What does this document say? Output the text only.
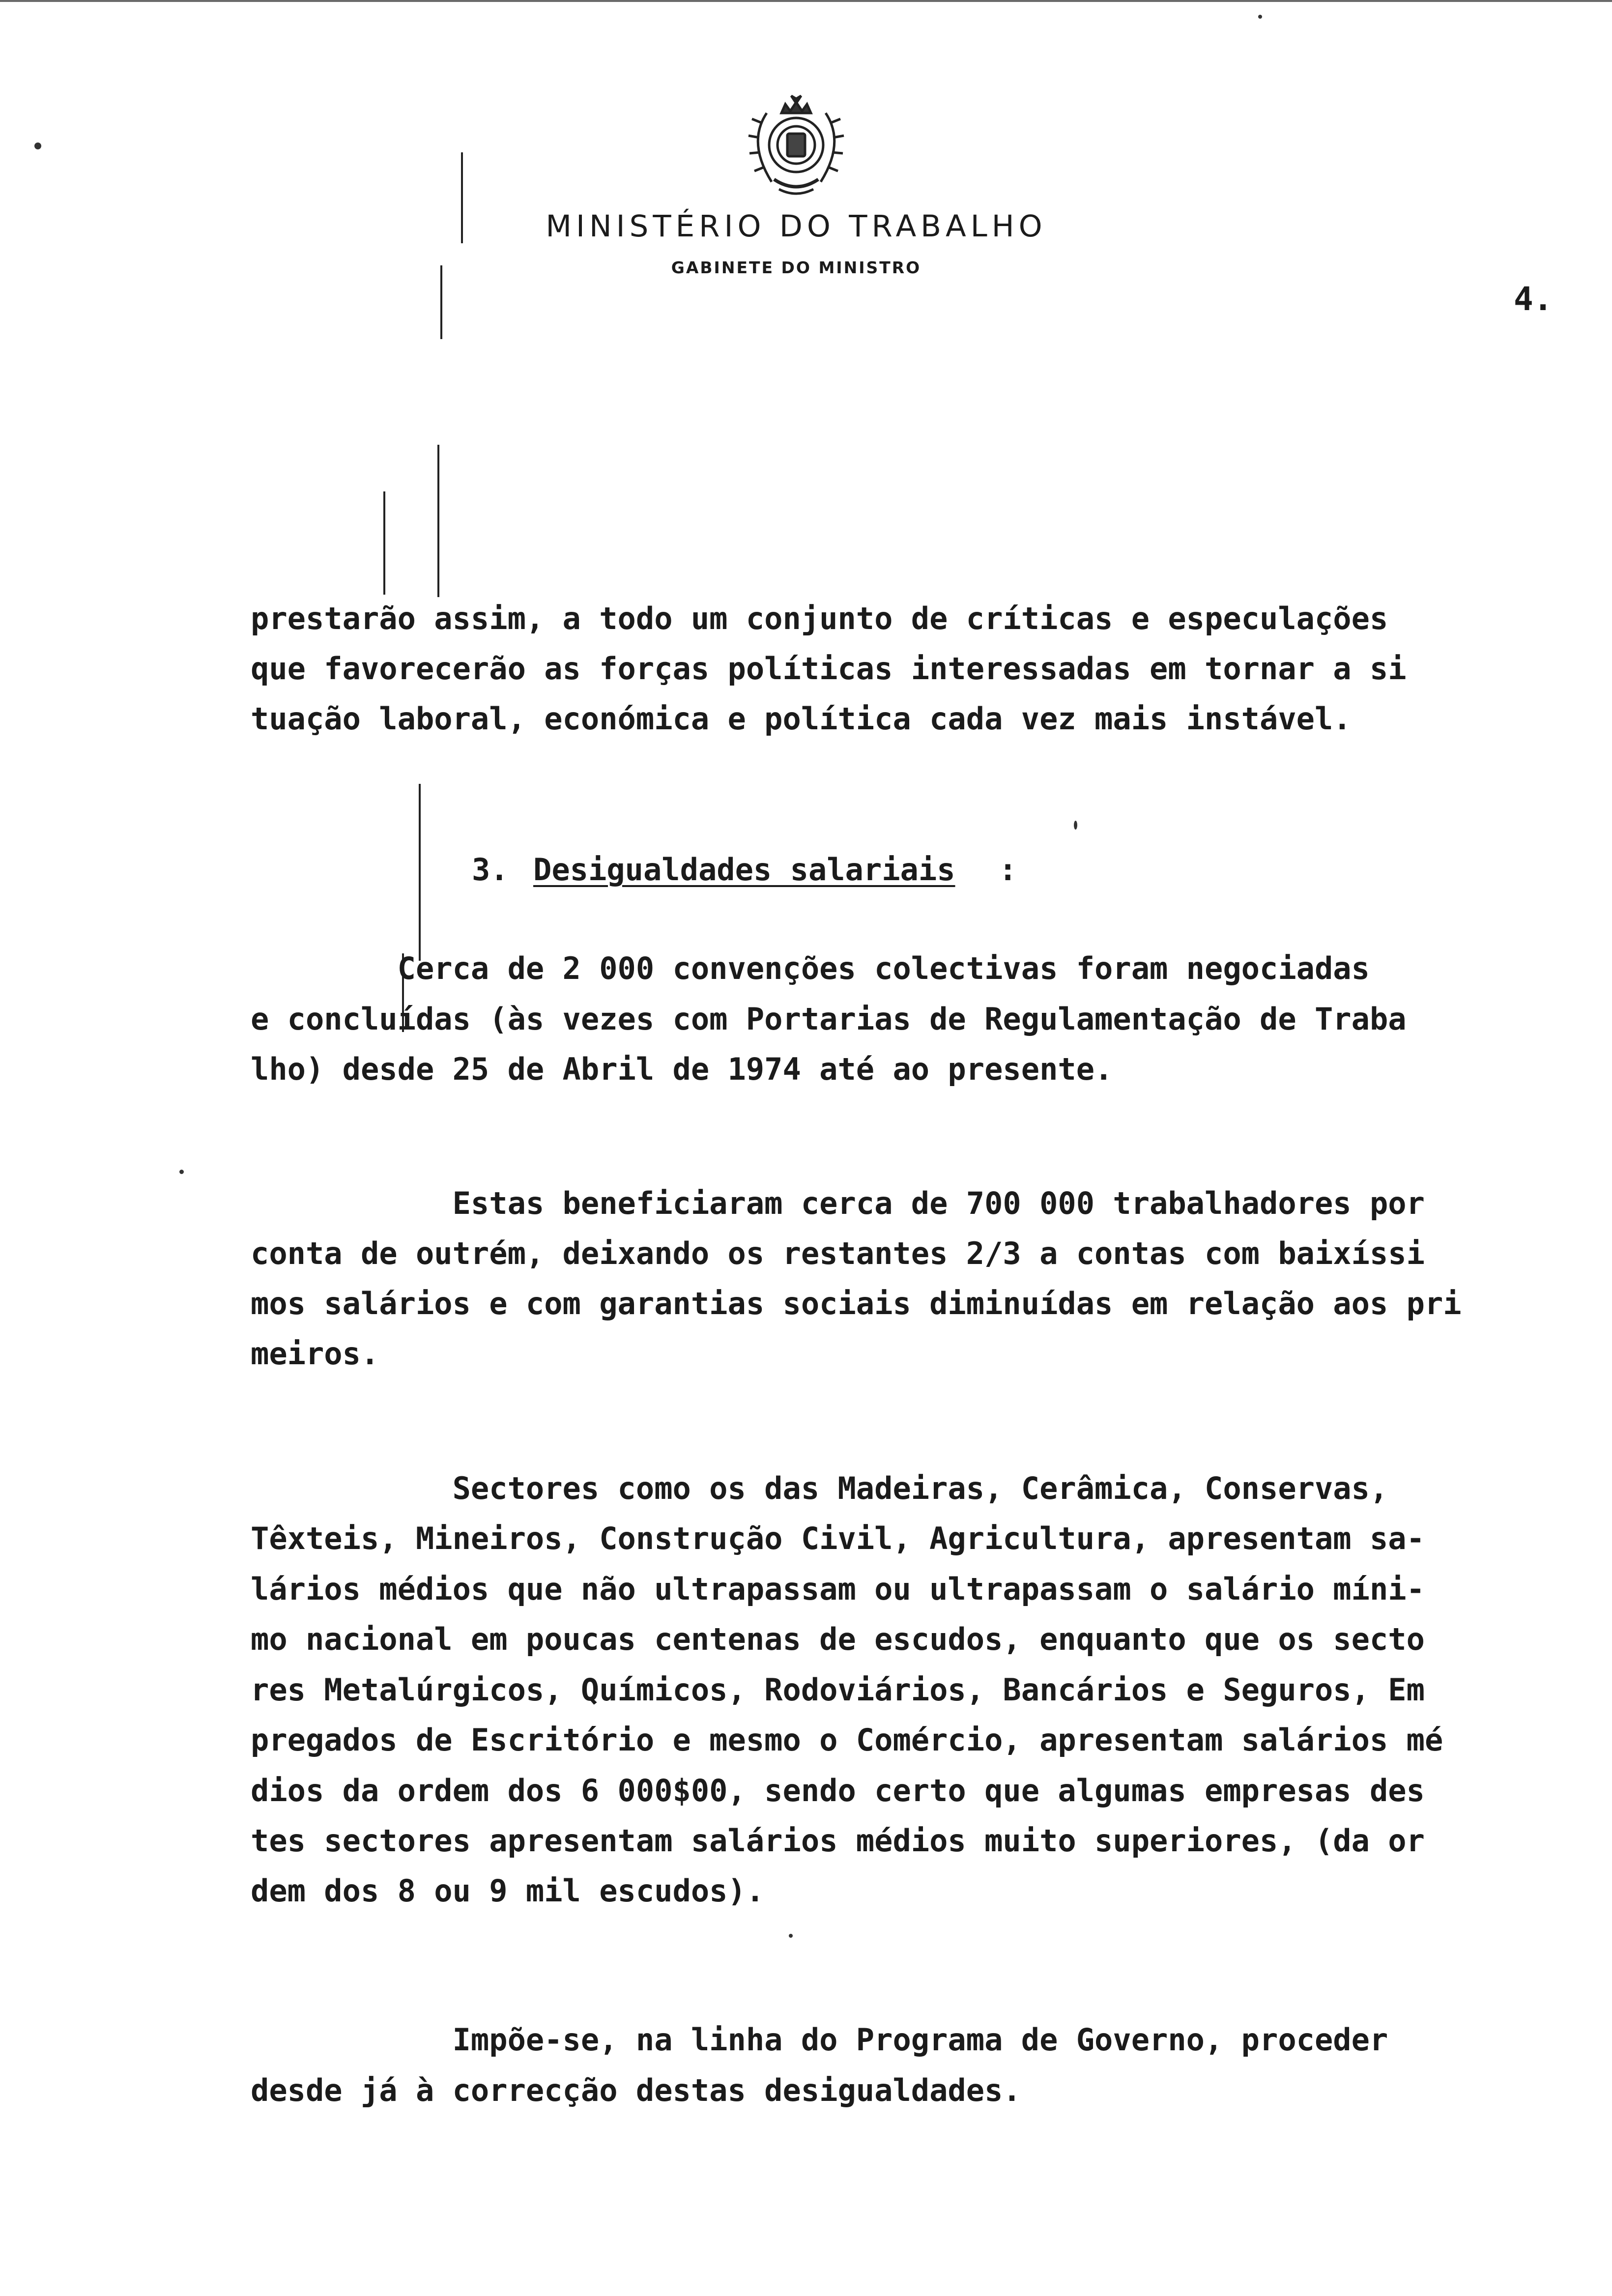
MINISTÉRIO DO TRABALHO
GABINETE DO MINISTRO
4.
prestarão assim, a todo um conjunto de críticas e especulações
que favorecerão as forças políticas interessadas em tornar a si
tuação laboral, económica e política cada vez mais instável.
3. Desigualdades salariais :
Cerca de 2 000 convenções colectivas foram negociadas
e concluídas (às vezes com Portarias de Regulamentação de Traba
lho) desde 25 de Abril de 1974 até ao presente.
Estas beneficiaram cerca de 700 000 trabalhadores por
conta de outrém, deixando os restantes 2/3 a contas com baixíssi
mos salários e com garantias sociais diminuídas em relação aos pri
meiros.
Sectores como os das Madeiras, Cerâmica, Conservas,
Têxteis, Mineiros, Construção Civil, Agricultura, apresentam sa-
lários médios que não ultrapassam ou ultrapassam o salário míni-
mo nacional em poucas centenas de escudos, enquanto que os secto
res Metalúrgicos, Químicos, Rodoviários, Bancários e Seguros, Em
pregados de Escritório e mesmo o Comércio, apresentam salários mé
dios da ordem dos 6 000$00, sendo certo que algumas empresas des
tes sectores apresentam salários médios muito superiores, (da or
dem dos 8 ou 9 mil escudos).
Impõe-se, na linha do Programa de Governo, proceder
desde já à correcção destas desigualdades.
